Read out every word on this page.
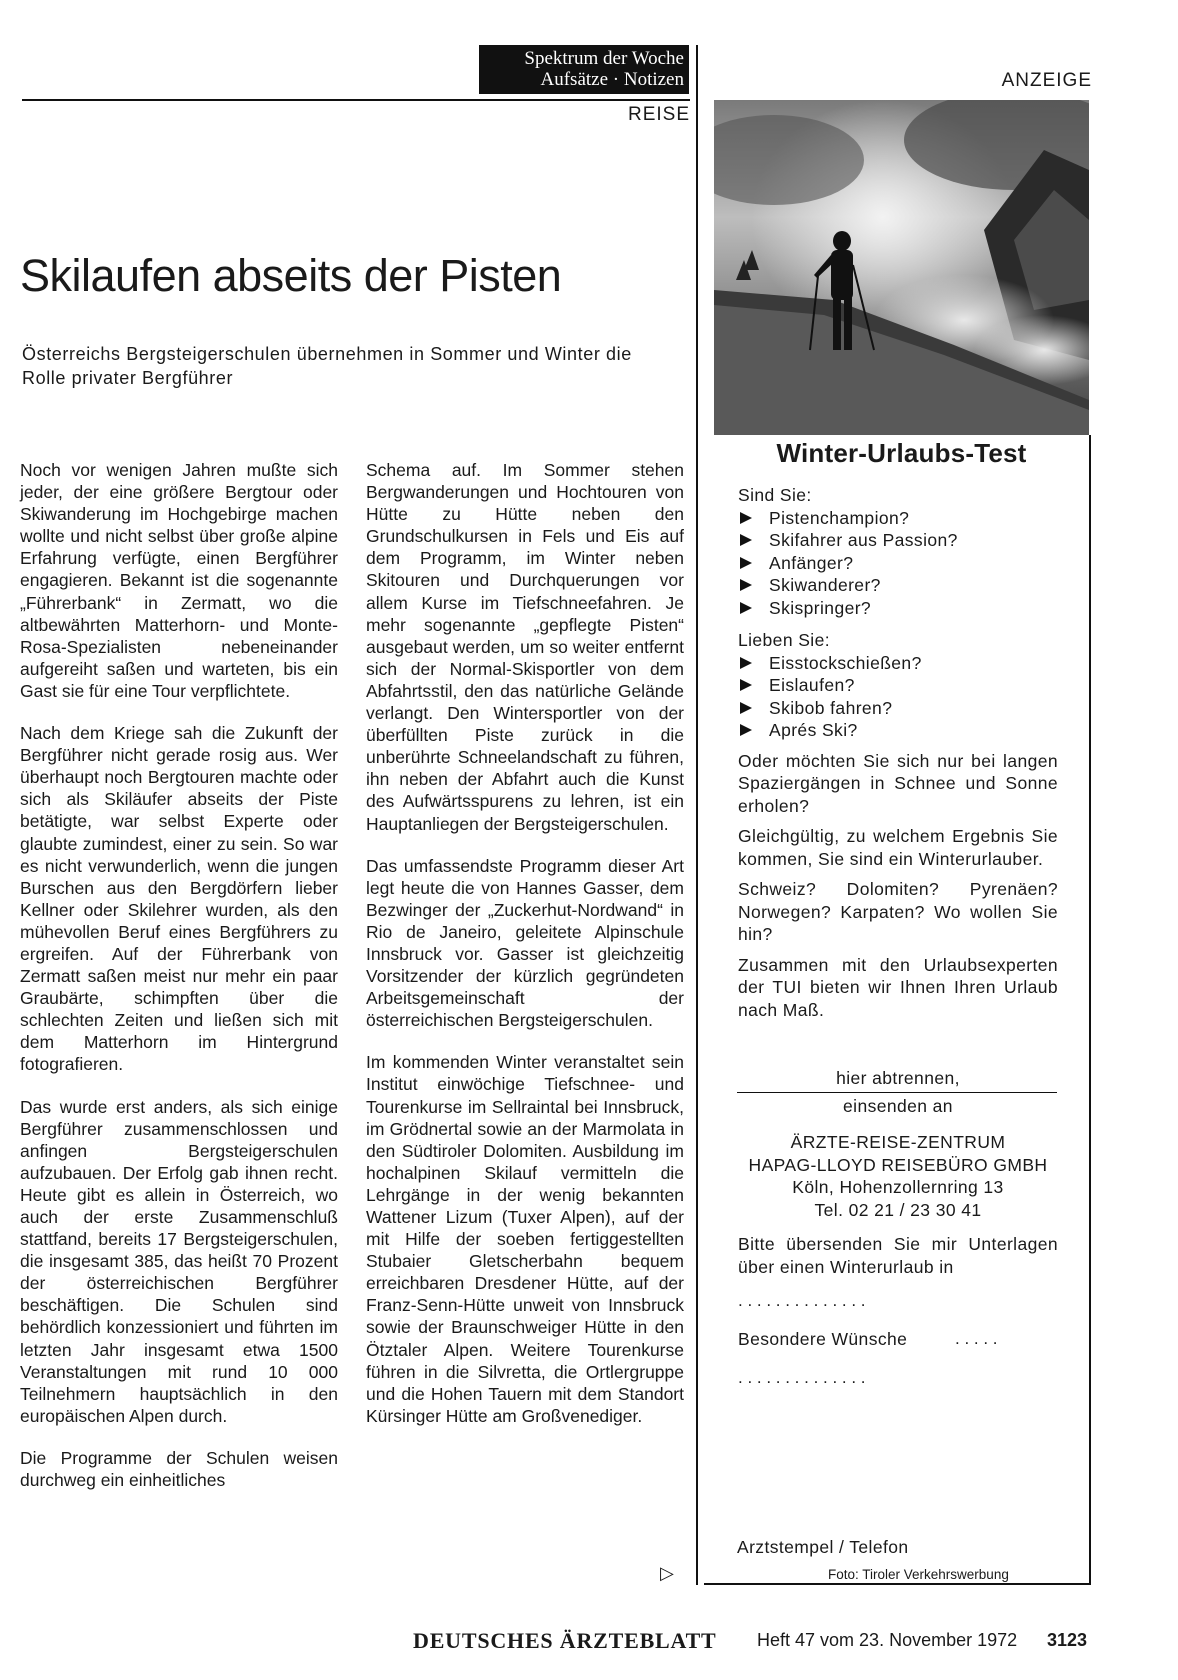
Spektrum der Woche
Aufsätze · Notizen
REISE
ANZEIGE
Skilaufen abseits der Pisten
Österreichs Bergsteigerschulen übernehmen in Sommer und Winter die Rolle privater Bergführer

Noch vor wenigen Jahren mußte sich jeder, der eine größere Bergtour oder Skiwanderung im Hochgebirge machen wollte und nicht selbst über große alpine Erfahrung verfügte, einen Bergführer engagieren. Bekannt ist die sogenannte „Führerbank“ in Zermatt, wo die altbewährten Matterhorn- und Monte-Rosa-Spezialisten nebeneinander aufgereiht saßen und warteten, bis ein Gast sie für eine Tour verpflichtete.

Nach dem Kriege sah die Zukunft der Bergführer nicht gerade rosig aus. Wer überhaupt noch Bergtouren machte oder sich als Skiläufer abseits der Piste betätigte, war selbst Experte oder glaubte zumindest, einer zu sein. So war es nicht verwunderlich, wenn die jungen Burschen aus den Bergdörfern lieber Kellner oder Skilehrer wurden, als den mühevollen Beruf eines Bergführers zu ergreifen. Auf der Führerbank von Zermatt saßen meist nur mehr ein paar Graubärte, schimpften über die schlechten Zeiten und ließen sich mit dem Matterhorn im Hintergrund fotografieren.

Das wurde erst anders, als sich einige Bergführer zusammenschlossen und anfingen Bergsteigerschulen aufzubauen. Der Erfolg gab ihnen recht. Heute gibt es allein in Österreich, wo auch der erste Zusammenschluß stattfand, bereits 17 Bergsteigerschulen, die insgesamt 385, das heißt 70 Prozent der österreichischen Bergführer beschäftigen. Die Schulen sind behördlich konzessioniert und führten im letzten Jahr insgesamt etwa 1500 Veranstaltungen mit rund 10 000 Teilnehmern hauptsächlich in den europäischen Alpen durch.

Die Programme der Schulen weisen durchweg ein einheitliches

Schema auf. Im Sommer stehen Bergwanderungen und Hochtouren von Hütte zu Hütte neben den Grundschulkursen in Fels und Eis auf dem Programm, im Winter neben Skitouren und Durchquerungen vor allem Kurse im Tiefschneefahren. Je mehr sogenannte „gepflegte Pisten“ ausgebaut werden, um so weiter entfernt sich der Normal-Skisportler von dem Abfahrtsstil, den das natürliche Gelände verlangt. Den Wintersportler von der überfüllten Piste zurück in die unberührte Schneelandschaft zu führen, ihn neben der Abfahrt auch die Kunst des Aufwärtsspurens zu lehren, ist ein Hauptanliegen der Bergsteigerschulen.

Das umfassendste Programm dieser Art legt heute die von Hannes Gasser, dem Bezwinger der „Zuckerhut-Nordwand“ in Rio de Janeiro, geleitete Alpinschule Innsbruck vor. Gasser ist gleichzeitig Vorsitzender der kürzlich gegründeten Arbeitsgemeinschaft der österreichischen Bergsteigerschulen.

Im kommenden Winter veranstaltet sein Institut einwöchige Tiefschnee- und Tourenkurse im Sellraintal bei Innsbruck, im Grödnertal sowie an der Marmolata in den Südtiroler Dolomiten. Ausbildung im hochalpinen Skilauf vermitteln die Lehrgänge in der wenig bekannten Wattener Lizum (Tuxer Alpen), auf der mit Hilfe der soeben fertiggestellten Stubaier Gletscherbahn bequem erreichbaren Dresdener Hütte, auf der Franz-Senn-Hütte unweit von Innsbruck sowie der Braunschweiger Hütte in den Ötztaler Alpen. Weitere Tourenkurse führen in die Silvretta, die Ortlergruppe und die Hohen Tauern mit dem Standort Kürsinger Hütte am Großvenediger.

▷
Winter-Urlaubs-Test
Sind Sie:
Pistenchampion?
Skifahrer aus Passion?
Anfänger?
Skiwanderer?
Skispringer?
Lieben Sie:
Eisstockschießen?
Eislaufen?
Skibob fahren?
Aprés Ski?
Oder möchten Sie sich nur bei langen Spaziergängen in Schnee und Sonne erholen?
Gleichgültig, zu welchem Ergebnis Sie kommen, Sie sind ein Winterurlauber.
Schweiz? Dolomiten? Pyrenäen? Norwegen? Karpaten? Wo wollen Sie hin?
Zusammen mit den Urlaubsexperten der TUI bieten wir Ihnen Ihren Urlaub nach Maß.
hier abtrennen,
einsenden an
ÄRZTE-REISE-ZENTRUM
HAPAG-LLOYD REISEBÜRO GMBH
Köln, Hohenzollernring 13
Tel. 02 21 / 23 30 41
Bitte übersenden Sie mir Unterlagen über einen Winterurlaub in
. . . . . . . . . . . . . .
Besondere Wünsche	. . . . .
. . . . . . . . . . . . . .
Arztstempel / Telefon
Foto: Tiroler Verkehrswerbung
DEUTSCHES ÄRZTEBLATT Heft 47 vom 23. November 1972 3123
